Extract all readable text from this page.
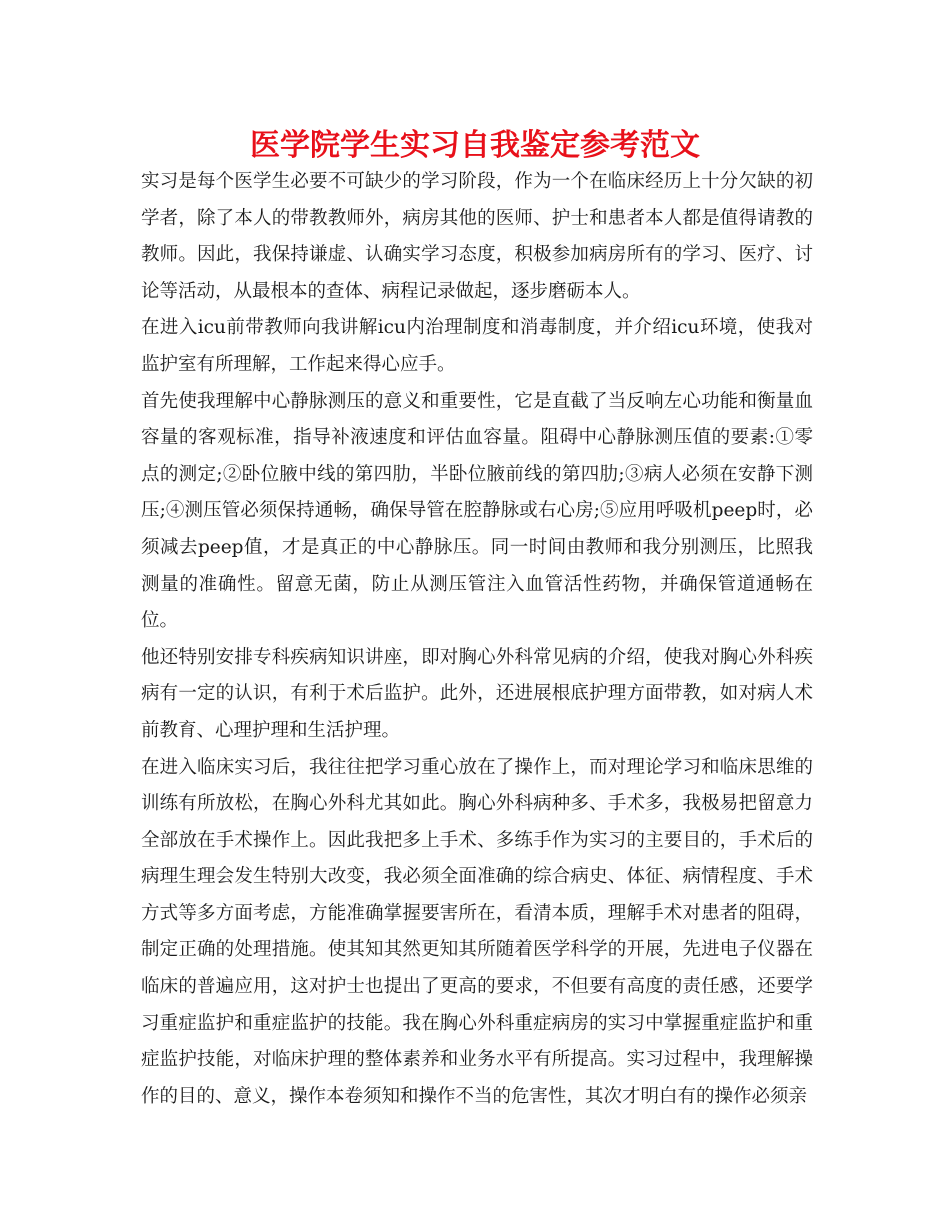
医学院学生实习自我鉴定参考范文

实习是每个医学生必要不可缺少的学习阶段，作为一个在临床经历上十分欠缺的初学者，除了本人的带教教师外，病房其他的医师、护士和患者本人都是值得请教的教师。因此，我保持谦虚、认确实学习态度，积极参加病房所有的学习、医疗、讨论等活动，从最根本的查体、病程记录做起，逐步磨砺本人。

在进入icu前带教师向我讲解icu内治理制度和消毒制度，并介绍icu环境，使我对监护室有所理解，工作起来得心应手。

首先使我理解中心静脉测压的意义和重要性，它是直截了当反响左心功能和衡量血容量的客观标准，指导补液速度和评估血容量。阻碍中心静脉测压值的要素:①零点的测定;②卧位腋中线的第四肋，半卧位腋前线的第四肋;③病人必须在安静下测压;④测压管必须保持通畅，确保导管在腔静脉或右心房;⑤应用呼吸机peep时，必须减去peep值，才是真正的中心静脉压。同一时间由教师和我分别测压，比照我测量的准确性。留意无菌，防止从测压管注入血管活性药物，并确保管道通畅在位。

他还特别安排专科疾病知识讲座，即对胸心外科常见病的介绍，使我对胸心外科疾病有一定的认识，有利于术后监护。此外，还进展根底护理方面带教，如对病人术前教育、心理护理和生活护理。

在进入临床实习后，我往往把学习重心放在了操作上，而对理论学习和临床思维的训练有所放松，在胸心外科尤其如此。胸心外科病种多、手术多，我极易把留意力全部放在手术操作上。因此我把多上手术、多练手作为实习的主要目的，手术后的病理生理会发生特别大改变，我必须全面准确的综合病史、体征、病情程度、手术方式等多方面考虑，方能准确掌握要害所在，看清本质，理解手术对患者的阻碍，制定正确的处理措施。使其知其然更知其所随着医学科学的开展，先进电子仪器在临床的普遍应用，这对护士也提出了更高的要求，不但要有高度的责任感，还要学习重症监护和重症监护的技能。我在胸心外科重症病房的实习中掌握重症监护和重症监护技能，对临床护理的整体素养和业务水平有所提高。实习过程中，我理解操作的目的、意义，操作本卷须知和操作不当的危害性，其次才明白有的操作必须亲
